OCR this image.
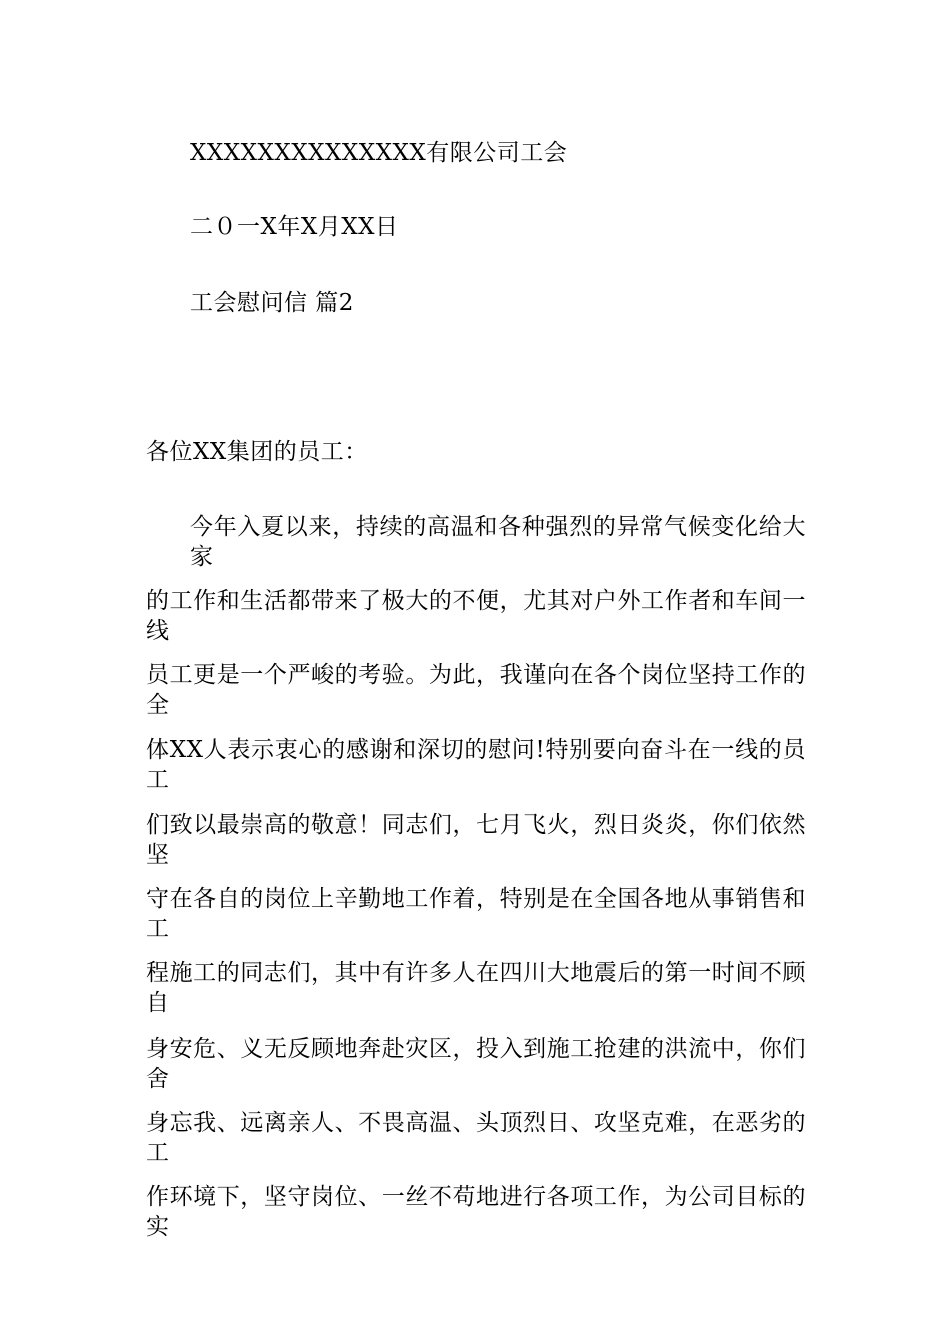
XXXXXXXXXXXXXX有限公司工会
二０一X年X月XX日
工会慰问信 篇2
各位XX集团的员工：
今年入夏以来，持续的高温和各种强烈的异常气候变化给大家
的工作和生活都带来了极大的不便，尤其对户外工作者和车间一线
员工更是一个严峻的考验。为此，我谨向在各个岗位坚持工作的全
体XX人表示衷心的感谢和深切的慰问!特别要向奋斗在一线的员工
们致以最崇高的敬意！同志们，七月飞火，烈日炎炎，你们依然坚
守在各自的岗位上辛勤地工作着，特别是在全国各地从事销售和工
程施工的同志们，其中有许多人在四川大地震后的第一时间不顾自
身安危、义无反顾地奔赴灾区，投入到施工抢建的洪流中，你们舍
身忘我、远离亲人、不畏高温、头顶烈日、攻坚克难，在恶劣的工
作环境下，坚守岗位、一丝不苟地进行各项工作，为公司目标的实
